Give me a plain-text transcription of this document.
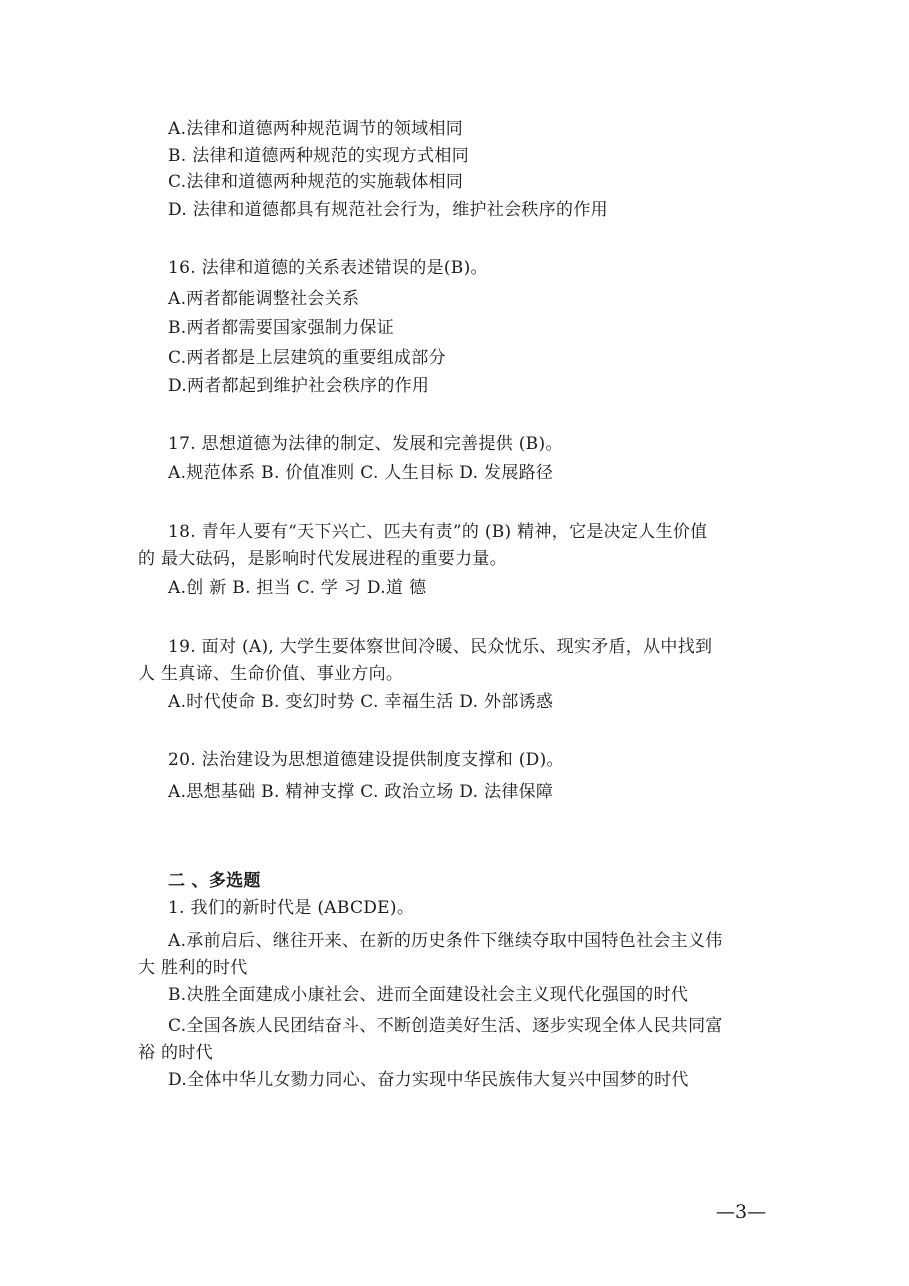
A.法律和道德两种规范调节的领域相同
B. 法律和道德两种规范的实现方式相同
C.法律和道德两种规范的实施载体相同
D. 法律和道德都具有规范社会行为，维护社会秩序的作用
16. 法律和道德的关系表述错误的是(B)。
A.两者都能调整社会关系
B.两者都需要国家强制力保证
C.两者都是上层建筑的重要组成部分
D.两者都起到维护社会秩序的作用
17. 思想道德为法律的制定、发展和完善提供 (B)。
A.规范体系 B. 价值准则 C. 人生目标 D. 发展路径
18. 青年人要有“天下兴亡、匹夫有责”的 (B) 精神，它是决定人生价值
的 最大砝码，是影响时代发展进程的重要力量。
A.创 新 B. 担当 C. 学 习 D.道 德
19. 面对 (A), 大学生要体察世间冷暖、民众忧乐、现实矛盾，从中找到
人 生真谛、生命价值、事业方向。
A.时代使命 B. 变幻时势 C. 幸福生活 D. 外部诱惑
20. 法治建设为思想道德建设提供制度支撑和 (D)。
A.思想基础 B. 精神支撑 C. 政治立场 D. 法律保障
二 、多选题
1. 我们的新时代是 (ABCDE)。
A.承前启后、继往开来、在新的历史条件下继续夺取中国特色社会主义伟
大 胜利的时代
B.决胜全面建成小康社会、进而全面建设社会主义现代化强国的时代
C.全国各族人民团结奋斗、不断创造美好生活、逐步实现全体人民共同富
裕 的时代
D.全体中华儿女勠力同心、奋力实现中华民族伟大复兴中国梦的时代
—3—
